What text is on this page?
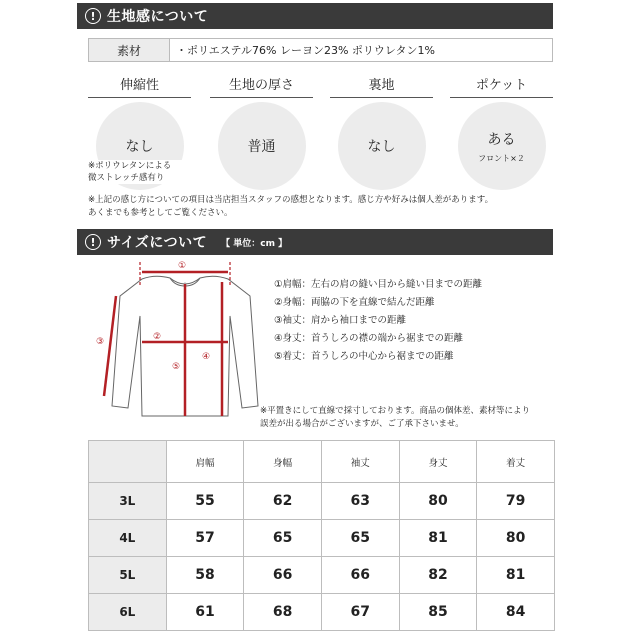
! 生地感について
素材	・ポリエステル76% レーヨン23% ポリウレタン1%
伸縮性
なし
生地の厚さ
普通
裏地
なし
ポケット
ある
フロント×２
※ポリウレタンによる
微ストレッチ感有り
※上記の感じ方についての項目は当店担当スタッフの感想となります。感じ方や好みは個人差があります。
あくまでも参考としてご覧ください。
! サイズについて 【 単位：cm 】
①
②
③
④
⑤
①肩幅：左右の肩の縫い目から縫い目までの距離
②身幅：両脇の下を直線で結んだ距離
③袖丈：肩から袖口までの距離
④身丈：首うしろの襟の端から裾までの距離
⑤着丈：首うしろの中心から裾までの距離
※平置きにして直線で採寸しております。商品の個体差、素材等により
誤差が出る場合がございますが、ご了承下さいませ。
	肩幅	身幅	袖丈	身丈	着丈
3L	55	62	63	80	79
4L	57	65	65	81	80
5L	58	66	66	82	81
6L	61	68	67	85	84
